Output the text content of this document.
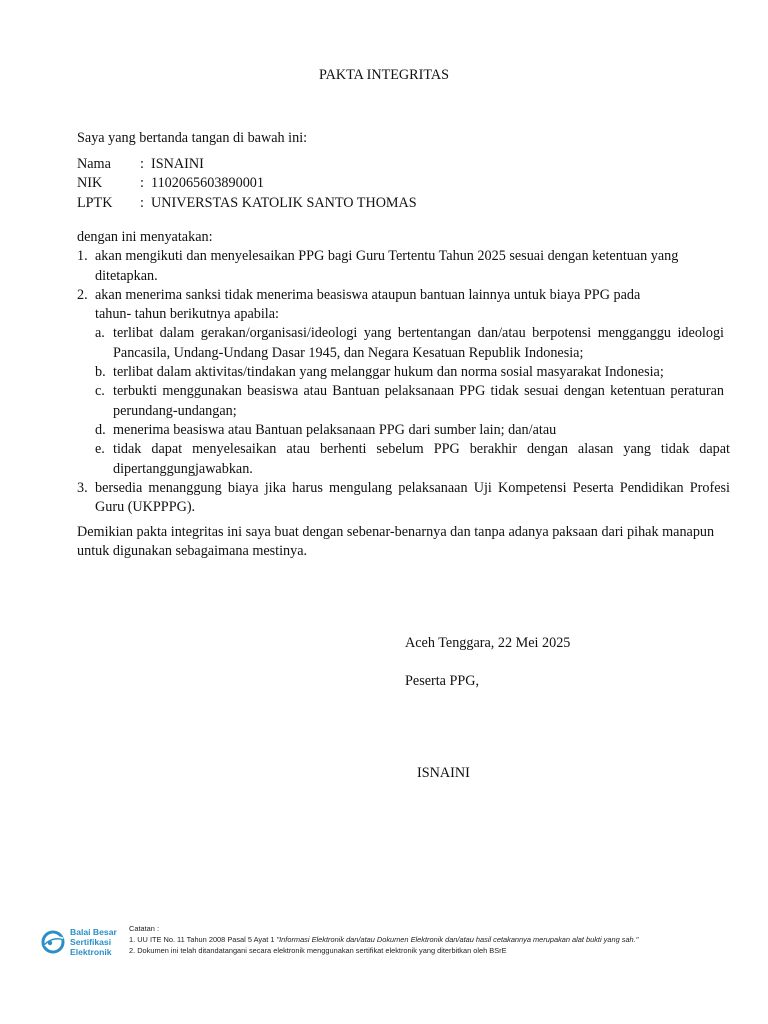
PAKTA INTEGRITAS
Saya yang bertanda tangan di bawah ini:
Nama	: ISNAINI
NIK	: 1102065603890001
LPTK	: UNIVERSTAS KATOLIK SANTO THOMAS
dengan ini menyatakan:
1. akan mengikuti dan menyelesaikan PPG bagi Guru Tertentu Tahun 2025 sesuai dengan ketentuan yang ditetapkan.
2. akan menerima sanksi tidak menerima beasiswa ataupun bantuan lainnya untuk biaya PPG pada tahun- tahun berikutnya apabila:
a. terlibat dalam gerakan/organisasi/ideologi yang bertentangan dan/atau berpotensi mengganggu ideologi Pancasila, Undang-Undang Dasar 1945, dan Negara Kesatuan Republik Indonesia;
b. terlibat dalam aktivitas/tindakan yang melanggar hukum dan norma sosial masyarakat Indonesia;
c. terbukti menggunakan beasiswa atau Bantuan pelaksanaan PPG tidak sesuai dengan ketentuan peraturan perundang-undangan;
d. menerima beasiswa atau Bantuan pelaksanaan PPG dari sumber lain; dan/atau
e. tidak dapat menyelesaikan atau berhenti sebelum PPG berakhir dengan alasan yang tidak dapat dipertanggungjawabkan.
3. bersedia menanggung biaya jika harus mengulang pelaksanaan Uji Kompetensi Peserta Pendidikan Profesi Guru (UKPPPG).
Demikian pakta integritas ini saya buat dengan sebenar-benarnya dan tanpa adanya paksaan dari pihak manapun untuk digunakan sebagaimana mestinya.
Aceh Tenggara, 22 Mei 2025
Peserta PPG,
ISNAINI
Balai Besar
Sertifikasi
Elektronik
Catatan :
1. UU ITE No. 11 Tahun 2008 Pasal 5 Ayat 1 "Informasi Elektronik dan/atau Dokumen Elektronik dan/atau hasil cetakannya merupakan alat bukti yang sah."
2. Dokumen ini telah ditandatangani secara elektronik menggunakan sertifikat elektronik yang diterbitkan oleh BSrE
